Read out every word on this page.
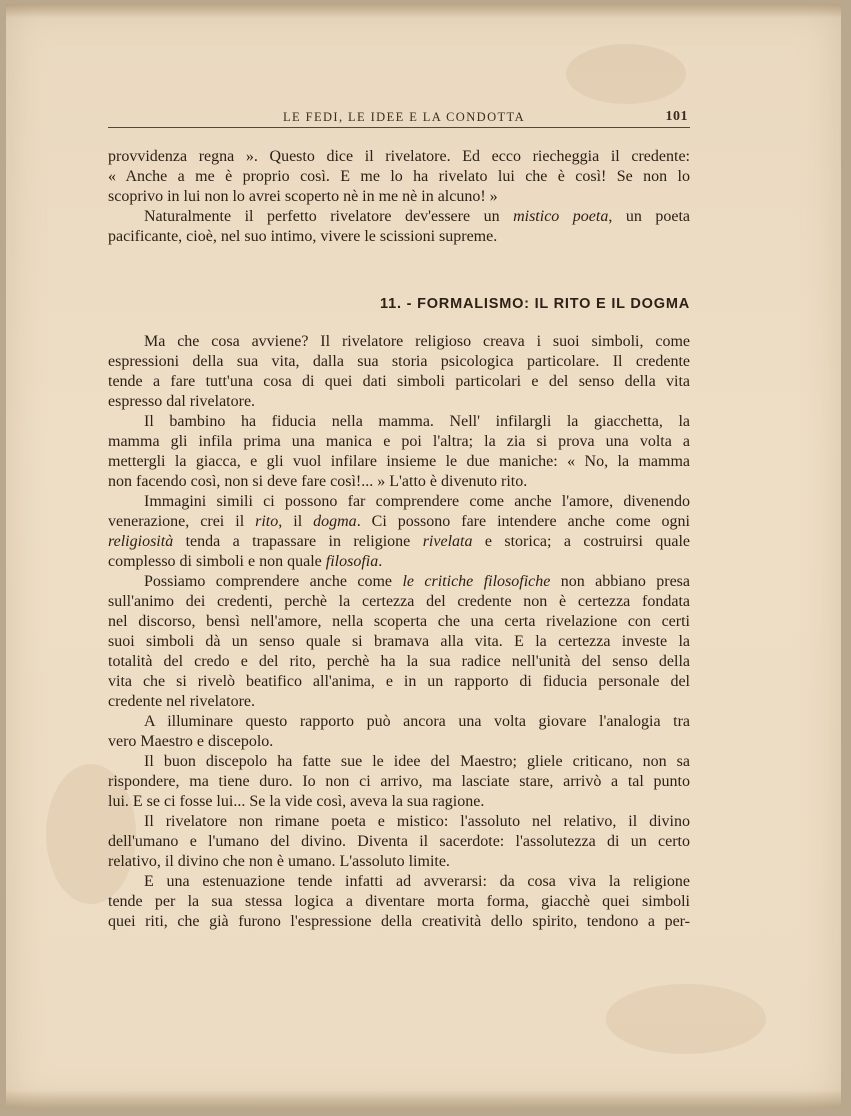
LE FEDI, LE IDEE E LA CONDOTTA	101
provvidenza regna ». Questo dice il rivelatore. Ed ecco riecheggia il credente:
« Anche a me è proprio così. E me lo ha rivelato lui che è così! Se non lo
scoprivo in lui non lo avrei scoperto nè in me nè in alcuno! »
Naturalmente il perfetto rivelatore dev'essere un mistico poeta, un poeta
pacificante, cioè, nel suo intimo, vivere le scissioni supreme.
11. - FORMALISMO: IL RITO E IL DOGMA
Ma che cosa avviene? Il rivelatore religioso creava i suoi simboli, come
espressioni della sua vita, dalla sua storia psicologica particolare. Il credente
tende a fare tutt'una cosa di quei dati simboli particolari e del senso della vita
espresso dal rivelatore.
Il bambino ha fiducia nella mamma. Nell' infilargli la giacchetta, la
mamma gli infila prima una manica e poi l'altra; la zia si prova una volta a
mettergli la giacca, e gli vuol infilare insieme le due maniche: « No, la mamma
non facendo così, non si deve fare così!... » L'atto è divenuto rito.
Immagini simili ci possono far comprendere come anche l'amore, divenendo
venerazione, crei il rito, il dogma. Ci possono fare intendere anche come ogni
religiosità tenda a trapassare in religione rivelata e storica; a costruirsi quale
complesso di simboli e non quale filosofia.
Possiamo comprendere anche come le critiche filosofiche non abbiano presa
sull'animo dei credenti, perchè la certezza del credente non è certezza fondata
nel discorso, bensì nell'amore, nella scoperta che una certa rivelazione con certi
suoi simboli dà un senso quale si bramava alla vita. E la certezza investe la
totalità del credo e del rito, perchè ha la sua radice nell'unità del senso della
vita che si rivelò beatifico all'anima, e in un rapporto di fiducia personale del
credente nel rivelatore.
A illuminare questo rapporto può ancora una volta giovare l'analogia tra
vero Maestro e discepolo.
Il buon discepolo ha fatte sue le idee del Maestro; gliele criticano, non sa
rispondere, ma tiene duro. Io non ci arrivo, ma lasciate stare, arrivò a tal punto
lui. E se ci fosse lui... Se la vide così, aveva la sua ragione.
Il rivelatore non rimane poeta e mistico: l'assoluto nel relativo, il divino
dell'umano e l'umano del divino. Diventa il sacerdote: l'assolutezza di un certo
relativo, il divino che non è umano. L'assoluto limite.
E una estenuazione tende infatti ad avverarsi: da cosa viva la religione
tende per la sua stessa logica a diventare morta forma, giacchè quei simboli
quei riti, che già furono l'espressione della creatività dello spirito, tendono a per-
